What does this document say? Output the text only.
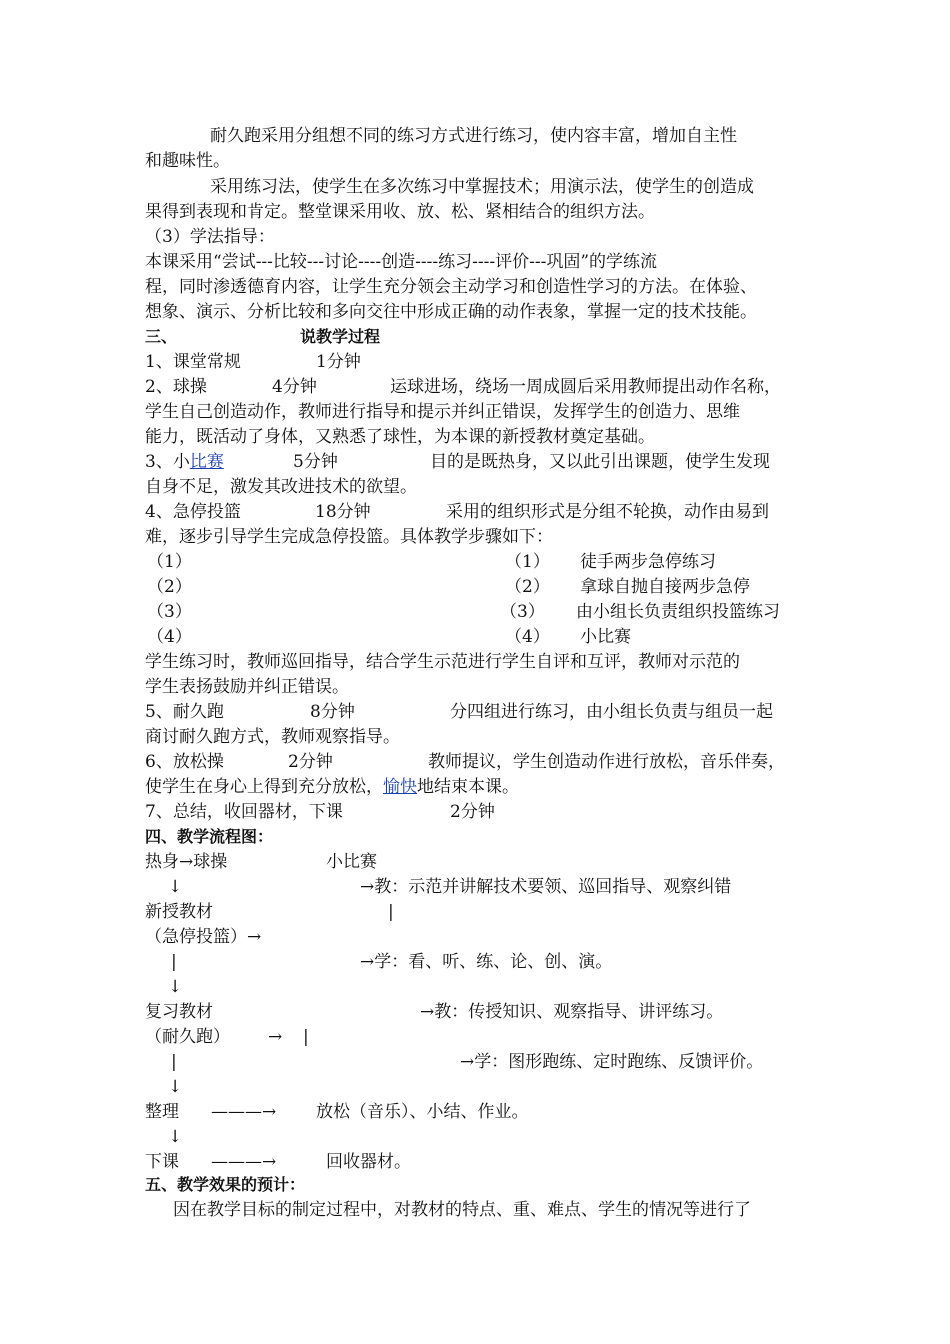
耐久跑采用分组想不同的练习方式进行练习，使内容丰富，增加自主性
和趣味性。
采用练习法，使学生在多次练习中掌握技术；用演示法，使学生的创造成
果得到表现和肯定。整堂课采用收、放、松、紧相结合的组织方法。
（3）学法指导：
本课采用“尝试---比较---讨论----创造----练习----评价---巩固”的学练流
程，同时渗透德育内容，让学生充分领会主动学习和创造性学习的方法。在体验、
想象、演示、分析比较和多向交往中形成正确的动作表象，掌握一定的技术技能。
三、	说教学过程
1、课堂常规	1分钟
2、球操	4分钟	运球进场，绕场一周成圆后采用教师提出动作名称，
学生自己创造动作，教师进行指导和提示并纠正错误，发挥学生的创造力、思维
能力，既活动了身体，又熟悉了球性，为本课的新授教材奠定基础。
3、小比赛	5分钟	目的是既热身，又以此引出课题，使学生发现
自身不足，激发其改进技术的欲望。
4、急停投篮	18分钟	采用的组织形式是分组不轮换，动作由易到
难，逐步引导学生完成急停投篮。具体教学步骤如下：
（1）	（1） 徒手两步急停练习
（2）	（2） 拿球自抛自接两步急停
（3）	（3） 由小组长负责组织投篮练习
（4）	（4） 小比赛
学生练习时，教师巡回指导，结合学生示范进行学生自评和互评，教师对示范的
学生表扬鼓励并纠正错误。
5、耐久跑	8分钟	分四组进行练习，由小组长负责与组员一起
商讨耐久跑方式，教师观察指导。
6、放松操	2分钟	教师提议，学生创造动作进行放松，音乐伴奏，
使学生在身心上得到充分放松，愉快地结束本课。
7、总结，收回器材，下课	2分钟
四、教学流程图：
热身→球操	小比赛
↓	→教：示范并讲解技术要领、巡回指导、观察纠错
新授教材	|
（急停投篮）→
|	→学：看、听、练、论、创、演。
↓
复习教材	→教：传授知识、观察指导、讲评练习。
（耐久跑） → |
|	→学：图形跑练、定时跑练、反馈评价。
↓
整理 ———→ 放松（音乐）、小结、作业。
↓
下课 ———→	回收器材。
五、教学效果的预计：
因在教学目标的制定过程中，对教材的特点、重、难点、学生的情况等进行了
